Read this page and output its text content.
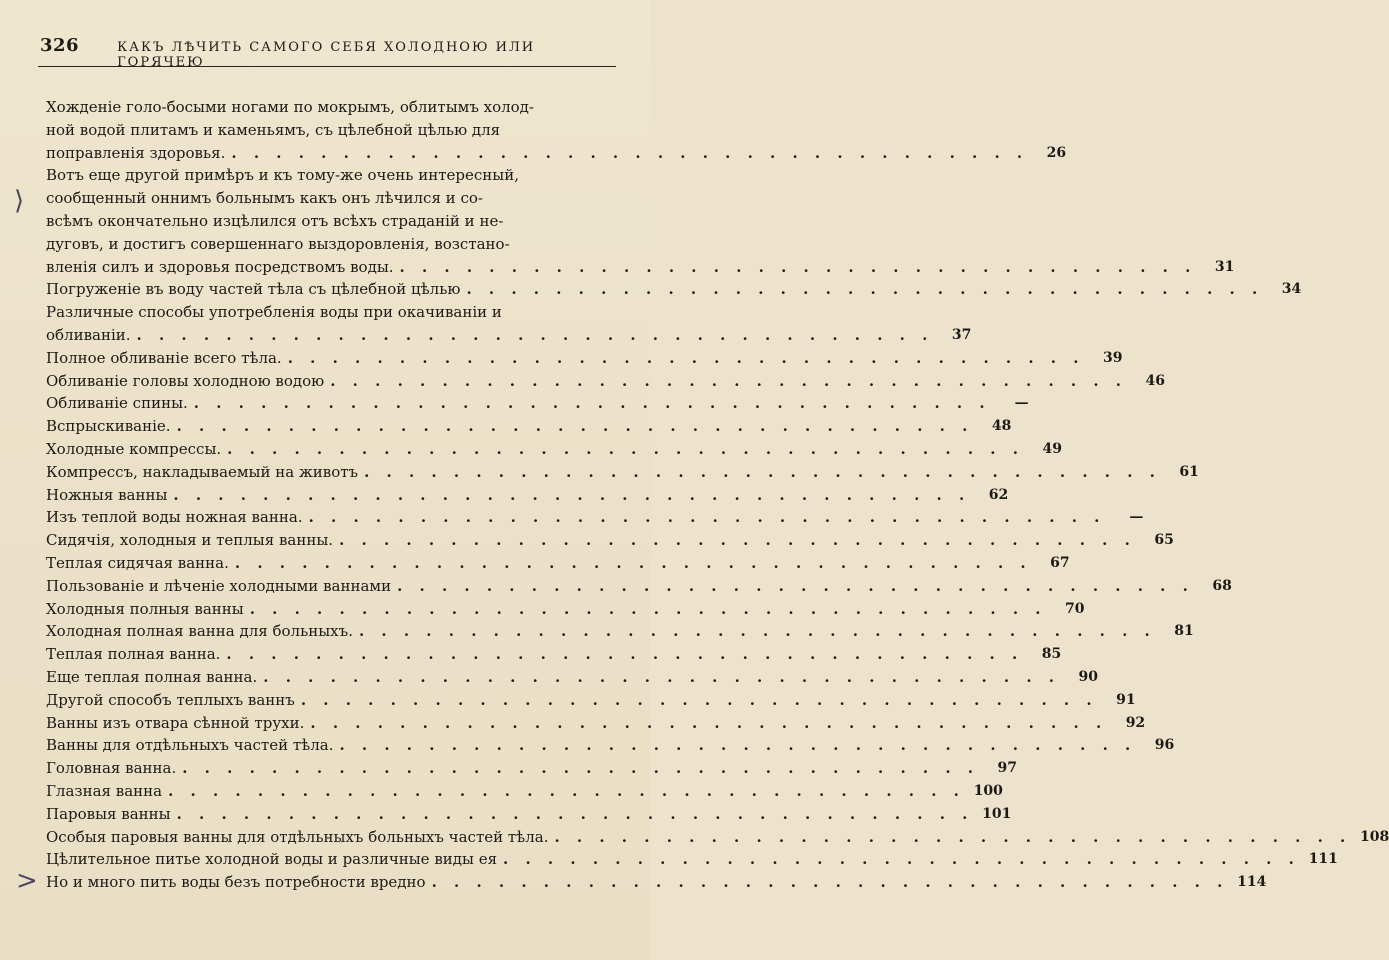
326	КАКЪ ЛѢЧИТЬ САМОГО СЕБЯ ХОЛОДНОЮ ИЛИ ГОРЯЧЕЮ
Хожденіе голо-босыми ногами по мокрымъ, облитымъ холод-
ной водой плитамъ и каменьямъ, съ цѣлебной цѣлью для
поправленія здоровья. . . . . . . . . . . . . . . . . . . . . . . . . . . . . . . . . . . . .	26
Вотъ еще другой примѣръ и къ тому-же очень интересный,
сообщенный оннимъ больнымъ какъ онъ лѣчился и со-
всѣмъ окончательно изцѣлился отъ всѣхъ страданій и не-
дуговъ, и достигъ совершеннаго выздоровленія, возстано-
вленія силъ и здоровья посредствомъ воды. . . . . . . . . . . . . . . . . . . . . . . . . . . . . . . . . . . . .	31
Погруженіе въ воду частей тѣла съ цѣлебной цѣлью . . . . . . . . . . . . . . . . . . . . . . . . . . . . . . . . . . . .	34
Различные способы употребленія воды при окачиваніи и
обливаніи. . . . . . . . . . . . . . . . . . . . . . . . . . . . . . . . . . . . .	37
Полное обливаніе всего тѣла. . . . . . . . . . . . . . . . . . . . . . . . . . . . . . . . . . . . .	39
Обливаніе головы холодною водою . . . . . . . . . . . . . . . . . . . . . . . . . . . . . . . . . . . .	46
Обливаніе спины. . . . . . . . . . . . . . . . . . . . . . . . . . . . . . . . . . . . .	—
Вспрыскиваніе. . . . . . . . . . . . . . . . . . . . . . . . . . . . . . . . . . . . .	48
Холодные компрессы. . . . . . . . . . . . . . . . . . . . . . . . . . . . . . . . . . . . .	49
Компрессъ, накладываемый на животъ . . . . . . . . . . . . . . . . . . . . . . . . . . . . . . . . . . . .	61
Ножныя ванны . . . . . . . . . . . . . . . . . . . . . . . . . . . . . . . . . . . .	62
Изъ теплой воды ножная ванна. . . . . . . . . . . . . . . . . . . . . . . . . . . . . . . . . . . . .	—
Сидячія, холодныя и теплыя ванны. . . . . . . . . . . . . . . . . . . . . . . . . . . . . . . . . . . . .	65
Теплая сидячая ванна. . . . . . . . . . . . . . . . . . . . . . . . . . . . . . . . . . . . .	67
Пользованіе и лѣченіе холодными ваннами . . . . . . . . . . . . . . . . . . . . . . . . . . . . . . . . . . . .	68
Холодныя полныя ванны . . . . . . . . . . . . . . . . . . . . . . . . . . . . . . . . . . . .	70
Холодная полная ванна для больныхъ. . . . . . . . . . . . . . . . . . . . . . . . . . . . . . . . . . . . .	81
Теплая полная ванна. . . . . . . . . . . . . . . . . . . . . . . . . . . . . . . . . . . . .	85
Еще теплая полная ванна. . . . . . . . . . . . . . . . . . . . . . . . . . . . . . . . . . . . .	90
Другой способъ теплыхъ ваннъ . . . . . . . . . . . . . . . . . . . . . . . . . . . . . . . . . . . .	91
Ванны изъ отвара сѣнной трухи. . . . . . . . . . . . . . . . . . . . . . . . . . . . . . . . . . . . .	92
Ванны для отдѣльныхъ частей тѣла. . . . . . . . . . . . . . . . . . . . . . . . . . . . . . . . . . . . .	96
Головная ванна. . . . . . . . . . . . . . . . . . . . . . . . . . . . . . . . . . . . .	97
Глазная ванна . . . . . . . . . . . . . . . . . . . . . . . . . . . . . . . . . . . . 100
Паровыя ванны . . . . . . . . . . . . . . . . . . . . . . . . . . . . . . . . . . . . 101
Особыя паровыя ванны для отдѣльныхъ больныхъ частей тѣла. . . . . . . . . . . . . . . . . . . . . . . . . . . . . . . . . . . . . 108
Цѣлительное питье холодной воды и различные виды ея . . . . . . . . . . . . . . . . . . . . . . . . . . . . . . . . . . . . 111
Но и много пить воды безъ потребности вредно . . . . . . . . . . . . . . . . . . . . . . . . . . . . . . . . . . . . 114
⟩
>
